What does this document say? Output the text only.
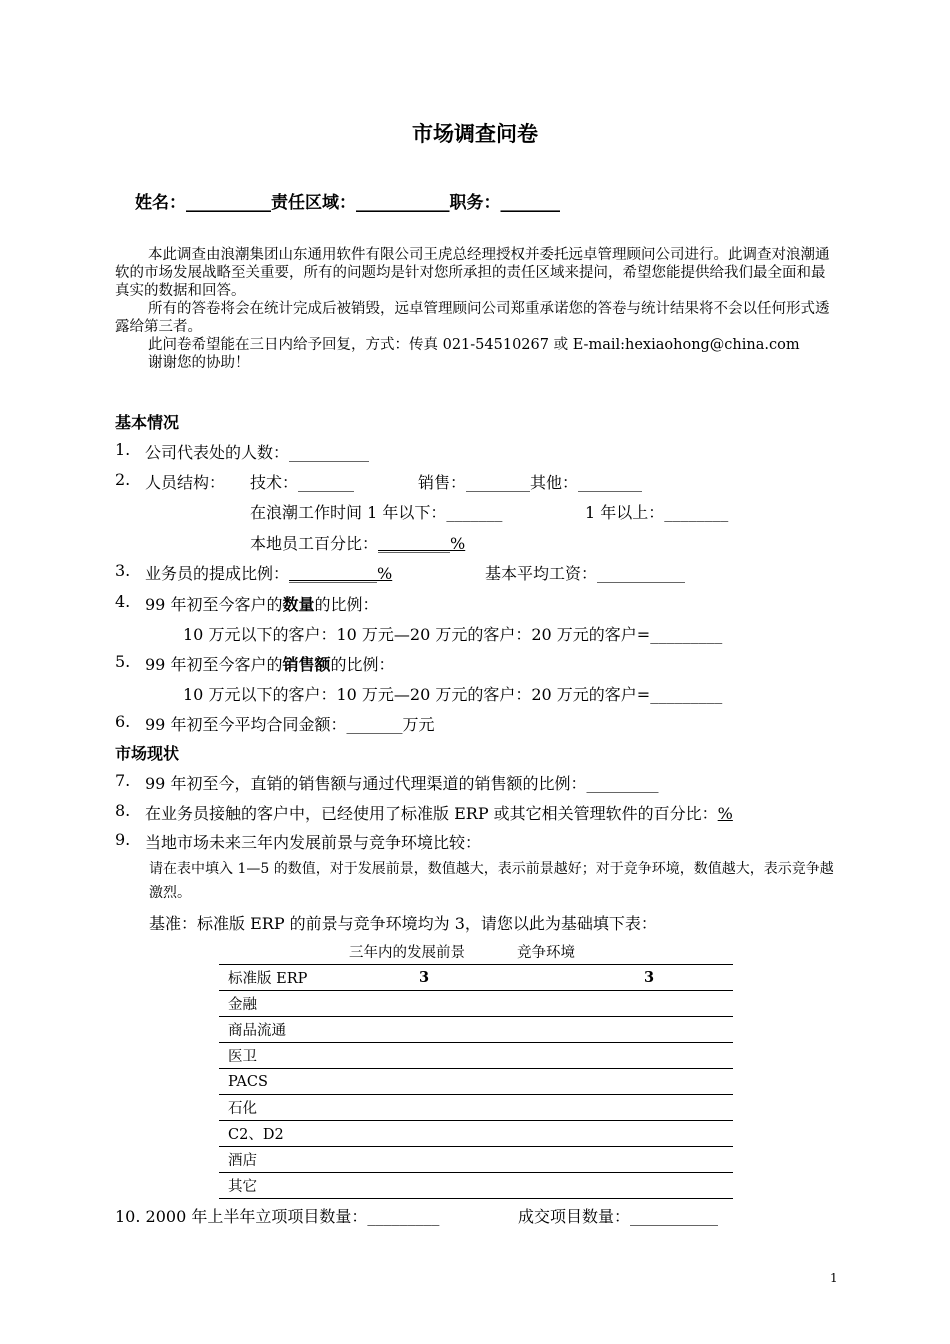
市场调查问卷
姓名：__________责任区域：___________职务：_______

本此调查由浪潮集团山东通用软件有限公司王虎总经理授权并委托远卓管理顾问公司进行。此调查对浪潮通软的市场发展战略至关重要，所有的问题均是针对您所承担的责任区域来提问，希望您能提供给我们最全面和最真实的数据和回答。

所有的答卷将会在统计完成后被销毁，远卓管理顾问公司郑重承诺您的答卷与统计结果将不会以任何形式透露给第三者。

此问卷希望能在三日内给予回复，方式：传真 021-54510267 或 E-mail:hexiaohong@china.com

谢谢您的协助！

基本情况
1. 公司代表处的人数：__________
2. 人员结构： 技术：_______	销售：________其他：________
在浪潮工作时间 1 年以下：_______	1 年以上：________
本地员工百分比：_________%
3. 业务员的提成比例：___________%	基本平均工资：___________
4. 99 年初至今客户的数量的比例：
10 万元以下的客户：10 万元—20 万元的客户：20 万元的客户=_________
5. 99 年初至今客户的销售额的比例：
10 万元以下的客户：10 万元—20 万元的客户：20 万元的客户=_________
6. 99 年初至今平均合同金额：_______万元
市场现状
7. 99 年初至今，直销的销售额与通过代理渠道的销售额的比例：_________
8. 在业务员接触的客户中，已经使用了标准版 ERP 或其它相关管理软件的百分比：%
9. 当地市场未来三年内发展前景与竞争环境比较：
请在表中填入 1—5 的数值，对于发展前景，数值越大，表示前景越好；对于竞争环境，数值越大，表示竞争越激烈。
基准：标准版 ERP 的前景与竞争环境均为 3，请您以此为基础填下表：
三年内的发展前景	竞争环境
标准版 ERP	3		3
金融			
商品流通			
医卫			
PACS			
石化			
C2、D2			
酒店			
其它			
10. 2000 年上半年立项项目数量：_________	成交项目数量：___________
1
